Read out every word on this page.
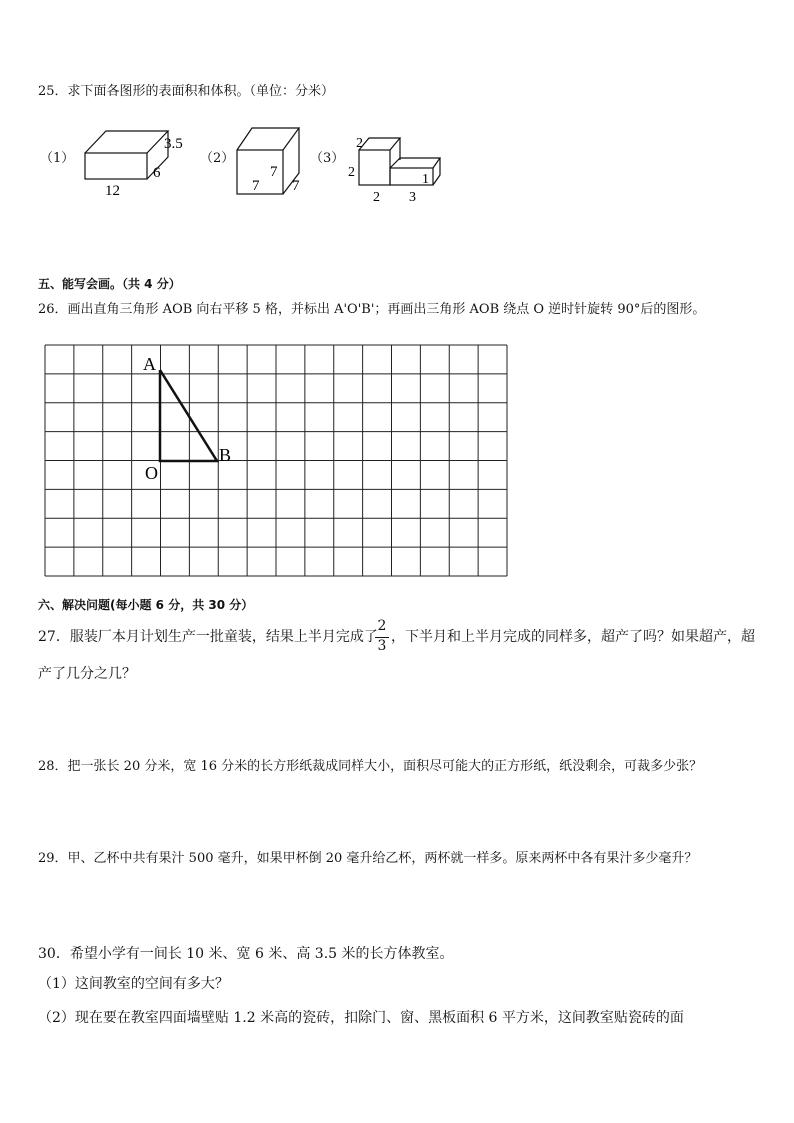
25．求下面各图形的表面积和体积。（单位：分米）
（1）
3.5
6
12
（2）
7
7 7
（3）
2
2	1
2 3
五、能写会画。（共 4 分）
26．画出直角三角形 AOB 向右平移 5 格，并标出 A'O'B'；再画出三角形 AOB 绕点 O 逆时针旋转 90°后的图形。
A
O
B
六、解决问题(每小题 6 分，共 30 分）
27．服装厂本月计划生产一批童装，结果上半月完成了
2
3
，下半月和上半月完成的同样多，超产了吗？如果超产，超
产了几分之几？
28．把一张长 20 分米，宽 16 分米的长方形纸裁成同样大小，面积尽可能大的正方形纸，纸没剩余，可裁多少张？
29．甲、乙杯中共有果汁 500 毫升，如果甲杯倒 20 毫升给乙杯，两杯就一样多。原来两杯中各有果汁多少毫升？
30．希望小学有一间长 10 米、宽 6 米、高 3.5 米的长方体教室。
（1）这间教室的空间有多大？
（2）现在要在教室四面墙壁贴 1.2 米高的瓷砖，扣除门、窗、黑板面积 6 平方米，这间教室贴瓷砖的面
